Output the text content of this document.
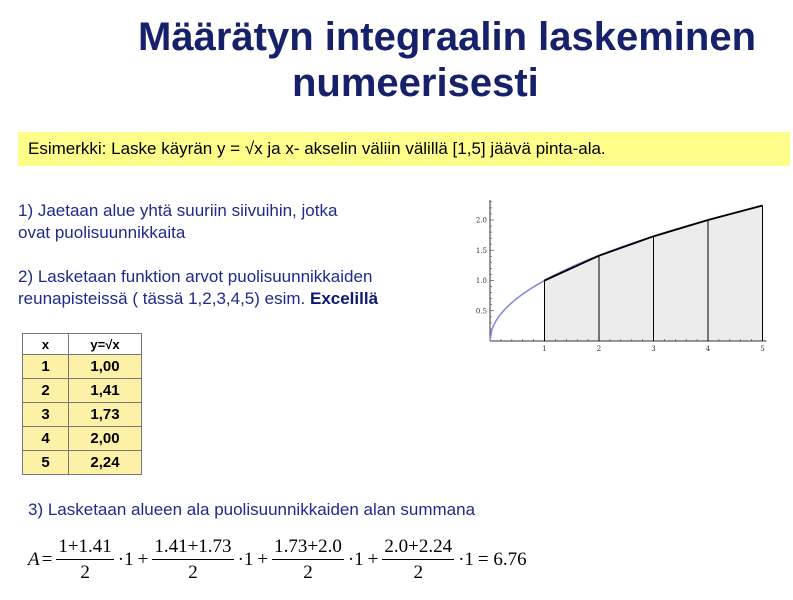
Määrätyn integraalin laskeminen
numeerisesti
Esimerkki: Laske käyrän y = √x ja x- akselin väliin välillä [1,5] jäävä pinta-ala.
1) Jaetaan alue yhtä suuriin siivuihin, jotka
ovat puolisuunnikkaita
2) Lasketaan funktion arvot puolisuunnikkaiden
reunapisteissä ( tässä 1,2,3,4,5) esim. Excelillä
x	y=√x
1	1,00
2	1,41
3	1,73
4	2,00
5	2,24
1	2	3	4	5
0.5
1.0
1.5
2.0
3) Lasketaan alueen ala puolisuunnikkaiden alan summana
$A = \frac{1+1.41}{2} \cdot 1 + \frac{1.41+1.73}{2} \cdot 1 + \frac{1.73+2.0}{2} \cdot 1 + \frac{2.0+2.24}{2} \cdot 1 = 6.76$
